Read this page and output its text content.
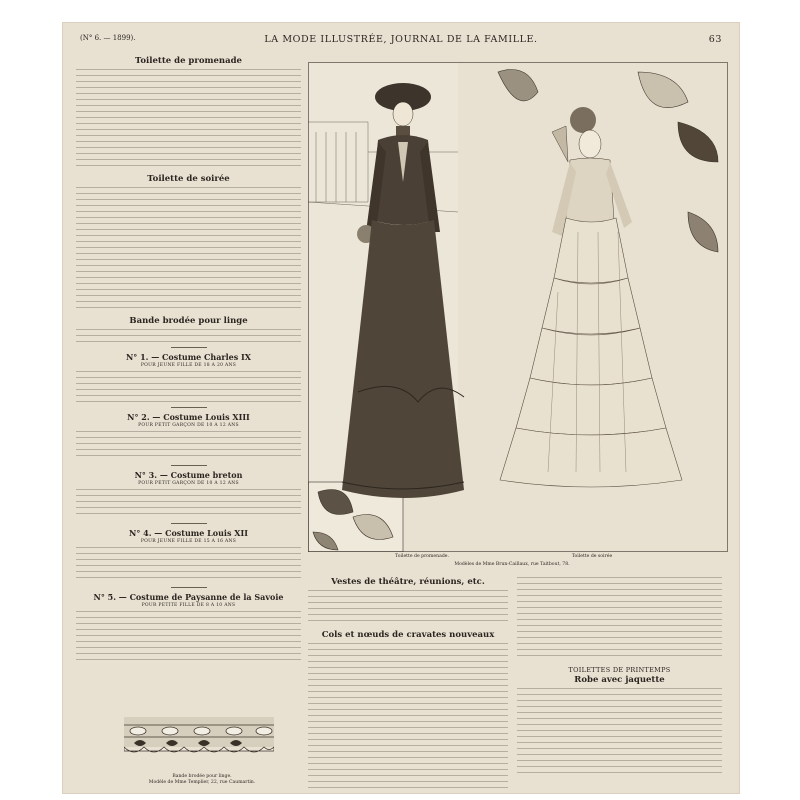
(N° 6. — 1899).	LA MODE ILLUSTRÉE, JOURNAL DE LA FAMILLE.	63

Toilette de promenade

Toilette de soirée

Bande brodée pour linge

N° 1. — Costume Charles IX

POUR JEUNE FILLE DE 18 A 20 ANS

N° 2. — Costume Louis XIII

POUR PETIT GARÇON DE 10 A 12 ANS

N° 3. — Costume breton

POUR PETIT GARÇON DE 10 A 12 ANS

N° 4. — Costume Louis XII

POUR JEUNE FILLE DE 15 A 16 ANS

N° 5. — Costume de Paysanne de la Savoie

POUR PETITE FILLE DE 8 A 10 ANS
Bande brodée pour linge.
Modèle de Mme Templier, 22, rue Caumartin.
Toilette de promenade.	Toilette de soirée
Modèles de Mme Brun-Caillaux, rue Taitbout, 78.

Vestes de théâtre, réunions, etc.

Cols et nœuds de cravates nouveaux

TOILETTES DE PRINTEMPS

Robe avec jaquette
